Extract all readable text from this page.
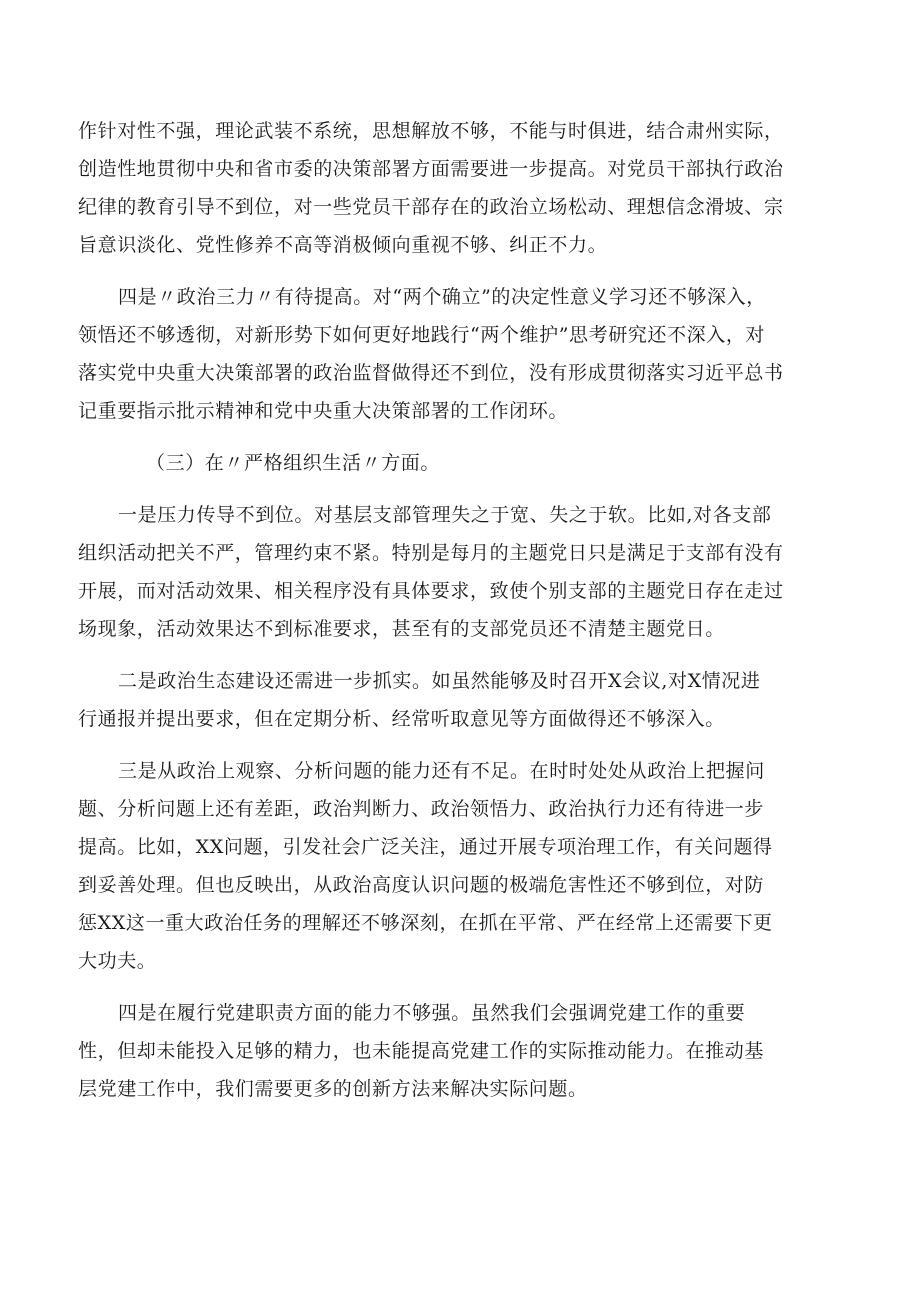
作针对性不强，理论武装不系统，思想解放不够，不能与时俱进，结合肃州实际，
创造性地贯彻中央和省市委的决策部署方面需要进一步提高。对党员干部执行政治
纪律的教育引导不到位，对一些党员干部存在的政治立场松动、理想信念滑坡、宗
旨意识淡化、党性修养不高等消极倾向重视不够、纠正不力。

四是〃政治三力〃有待提高。对“两个确立”的决定性意义学习还不够深入，
领悟还不够透彻，对新形势下如何更好地践行“两个维护”思考研究还不深入，对
落实党中央重大决策部署的政治监督做得还不到位，没有形成贯彻落实习近平总书
记重要指示批示精神和党中央重大决策部署的工作闭环。

（三）在〃严格组织生活〃方面。

一是压力传导不到位。对基层支部管理失之于宽、失之于软。比如,对各支部
组织活动把关不严，管理约束不紧。特别是每月的主题党日只是满足于支部有没有
开展，而对活动效果、相关程序没有具体要求，致使个别支部的主题党日存在走过
场现象，活动效果达不到标准要求，甚至有的支部党员还不清楚主题党日。

二是政治生态建设还需进一步抓实。如虽然能够及时召开X会议,对X情况进
行通报并提出要求，但在定期分析、经常听取意见等方面做得还不够深入。

三是从政治上观察、分析问题的能力还有不足。在时时处处从政治上把握问
题、分析问题上还有差距，政治判断力、政治领悟力、政治执行力还有待进一步
提高。比如，XX问题，引发社会广泛关注，通过开展专项治理工作，有关问题得
到妥善处理。但也反映出，从政治高度认识问题的极端危害性还不够到位，对防
惩XX这一重大政治任务的理解还不够深刻，在抓在平常、严在经常上还需要下更
大功夫。

四是在履行党建职责方面的能力不够强。虽然我们会强调党建工作的重要
性，但却未能投入足够的精力，也未能提高党建工作的实际推动能力。在推动基
层党建工作中，我们需要更多的创新方法来解决实际问题。
